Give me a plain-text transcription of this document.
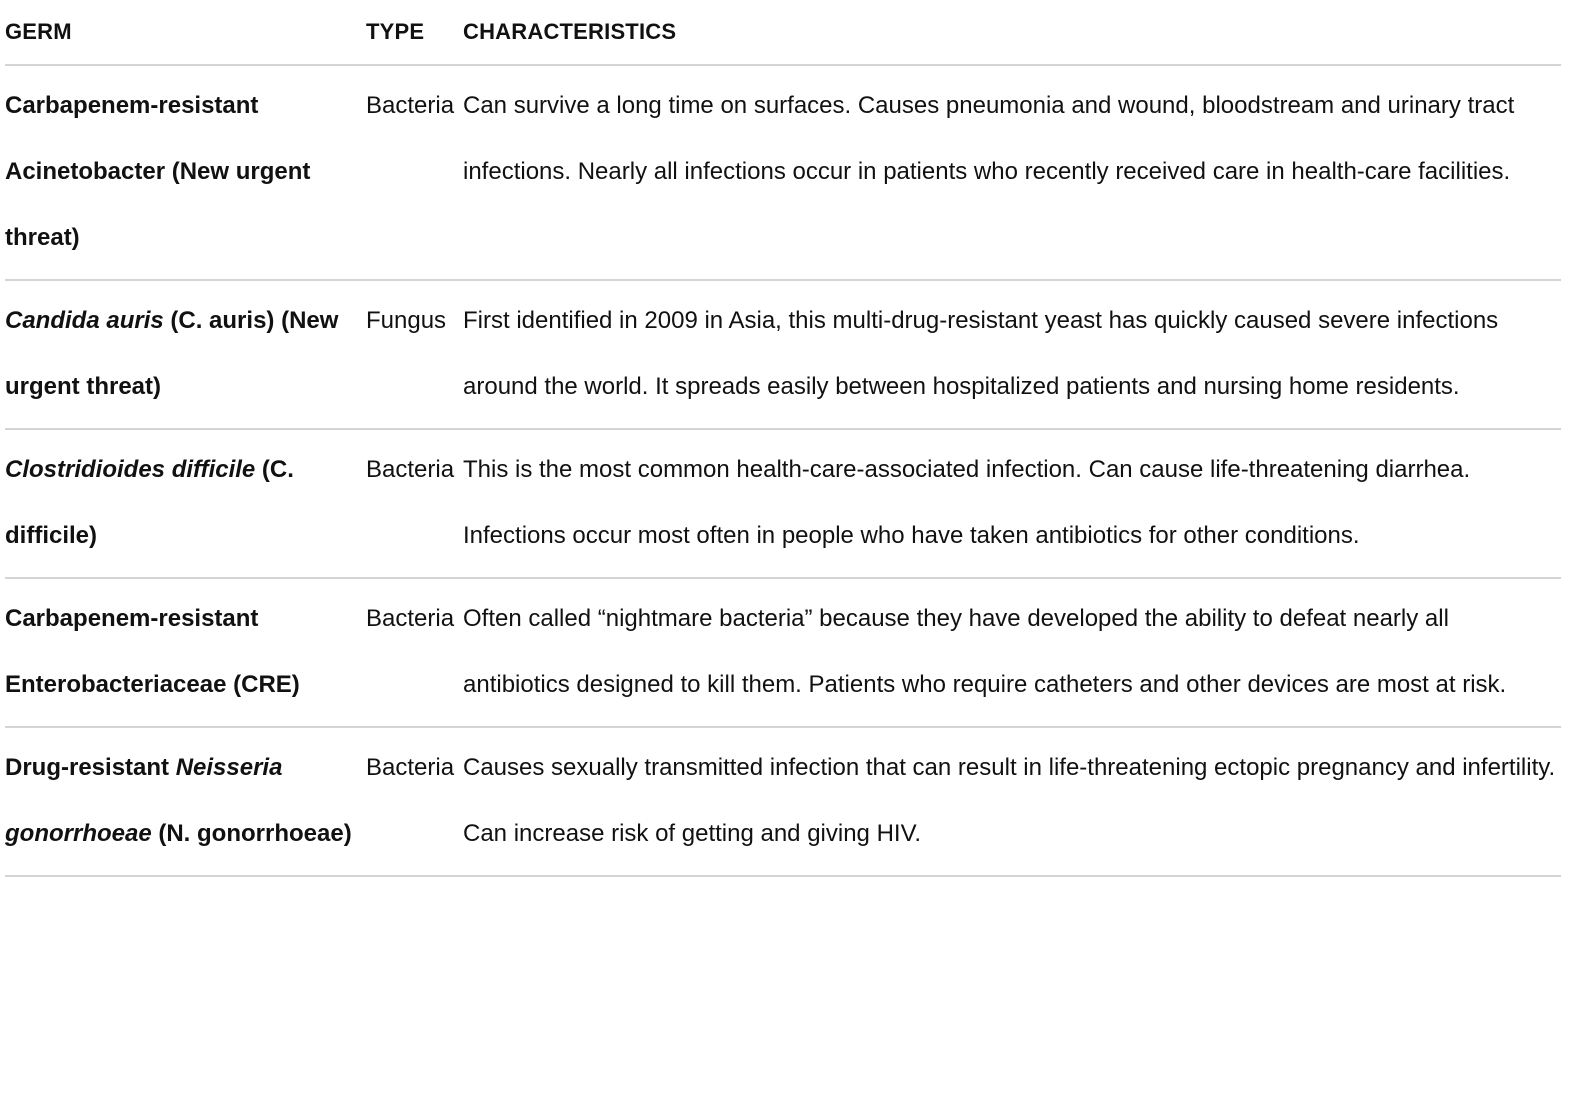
GERM	TYPE	CHARACTERISTICS
Carbapenem-resistant Acinetobacter (New urgent threat)	Bacteria	Can survive a long time on surfaces. Causes pneumonia and wound, bloodstream and urinary tract infections. Nearly all infections occur in patients who recently received care in health-care facilities.
Candida auris (C. auris) (New urgent threat)	Fungus	First identified in 2009 in Asia, this multi-drug-resistant yeast has quickly caused severe infections around the world. It spreads easily between hospitalized patients and nursing home residents.
Clostridioides difficile (C. difficile)	Bacteria	This is the most common health-care-associated infection. Can cause life-threatening diarrhea. Infections occur most often in people who have taken antibiotics for other conditions.
Carbapenem-resistant Enterobacteriaceae (CRE)	Bacteria	Often called “nightmare bacteria” because they have developed the ability to defeat nearly all antibiotics designed to kill them. Patients who require catheters and other devices are most at risk.
Drug-resistant Neisseria gonorrhoeae (N. gonorrhoeae)	Bacteria	Causes sexually transmitted infection that can result in life-threatening ectopic pregnancy and infertility. Can increase risk of getting and giving HIV.
